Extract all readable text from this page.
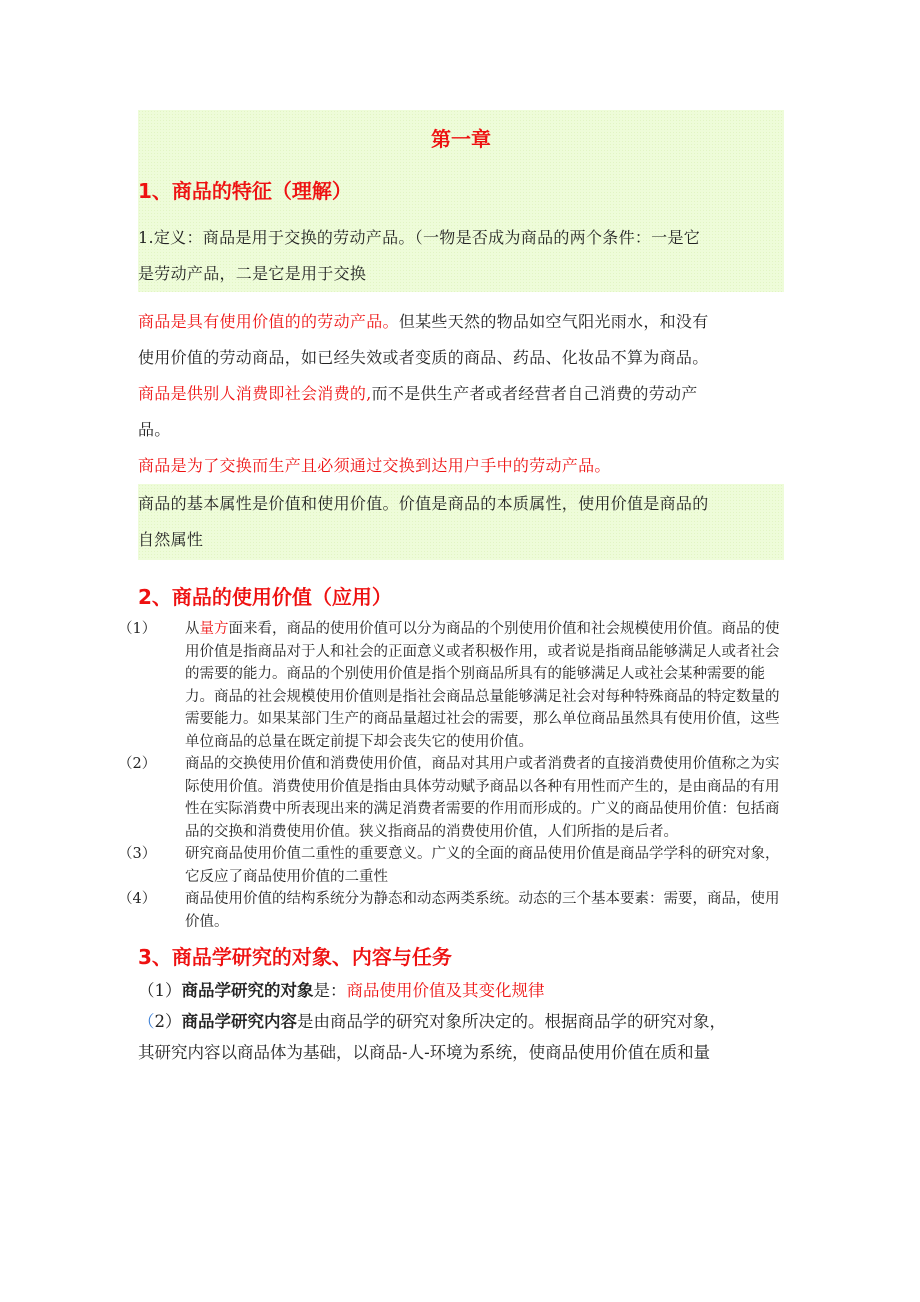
第一章
1、商品的特征（理解）
1.定义：商品是用于交换的劳动产品。（一物是否成为商品的两个条件：一是它
是劳动产品，二是它是用于交换
商品是具有使用价值的的劳动产品。但某些天然的物品如空气阳光雨水，和没有
使用价值的劳动商品，如已经失效或者变质的商品、药品、化妆品不算为商品。
商品是供别人消费即社会消费的,而不是供生产者或者经营者自己消费的劳动产
品。
商品是为了交换而生产且必须通过交换到达用户手中的劳动产品。
商品的基本属性是价值和使用价值。价值是商品的本质属性，使用价值是商品的
自然属性
2、商品的使用价值（应用）
（1） 从量方面来看，商品的使用价值可以分为商品的个别使用价值和社会规模使用价值。商品的使用价值是指商品对于人和社会的正面意义或者积极作用，或者说是指商品能够满足人或者社会的需要的能力。商品的个别使用价值是指个别商品所具有的能够满足人或社会某种需要的能力。商品的社会规模使用价值则是指社会商品总量能够满足社会对每种特殊商品的特定数量的需要能力。如果某部门生产的商品量超过社会的需要，那么单位商品虽然具有使用价值，这些单位商品的总量在既定前提下却会丧失它的使用价值。
（2） 商品的交换使用价值和消费使用价值，商品对其用户或者消费者的直接消费使用价值称之为实际使用价值。消费使用价值是指由具体劳动赋予商品以各种有用性而产生的，是由商品的有用性在实际消费中所表现出来的满足消费者需要的作用而形成的。广义的商品使用价值：包括商品的交换和消费使用价值。狭义指商品的消费使用价值，人们所指的是后者。
（3） 研究商品使用价值二重性的重要意义。广义的全面的商品使用价值是商品学学科的研究对象，它反应了商品使用价值的二重性
（4） 商品使用价值的结构系统分为静态和动态两类系统。动态的三个基本要素：需要，商品，使用价值。
3、商品学研究的对象、内容与任务
（1）商品学研究的对象是：商品使用价值及其变化规律
（2）商品学研究内容是由商品学的研究对象所决定的。根据商品学的研究对象，
其研究内容以商品体为基础，以商品-人-环境为系统，使商品使用价值在质和量
